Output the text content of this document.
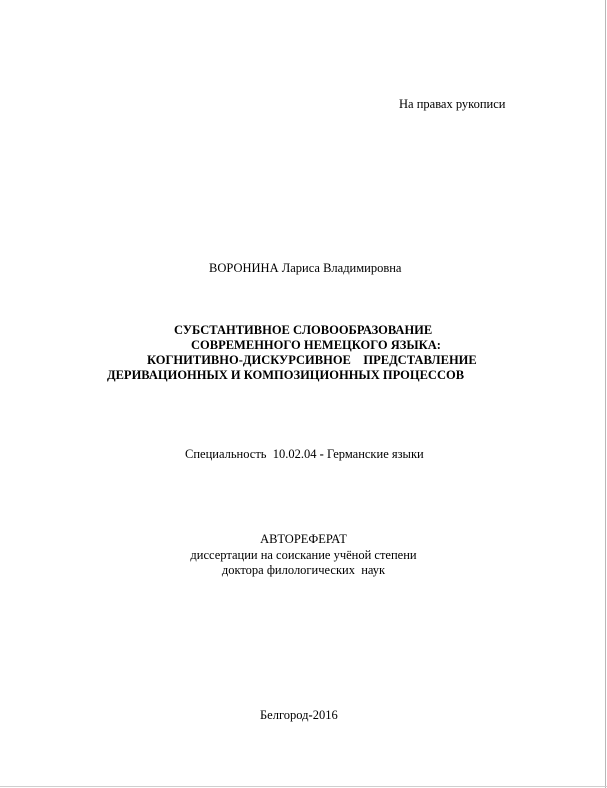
На правах рукописи
ВОРОНИНА Лариса Владимировна
СУБСТАНТИВНОЕ СЛОВООБРАЗОВАНИЕ
СОВРЕМЕННОГО НЕМЕЦКОГО ЯЗЫКА:
КОГНИТИВНО-ДИСКУРСИВНОЕ    ПРЕДСТАВЛЕНИЕ
ДЕРИВАЦИОННЫХ И КОМПОЗИЦИОННЫХ ПРОЦЕССОВ
Специальность  10.02.04 - Германские языки
АВТОРЕФЕРАТ
диссертации на соискание учёной степени
доктора филологических  наук
Белгород-2016
